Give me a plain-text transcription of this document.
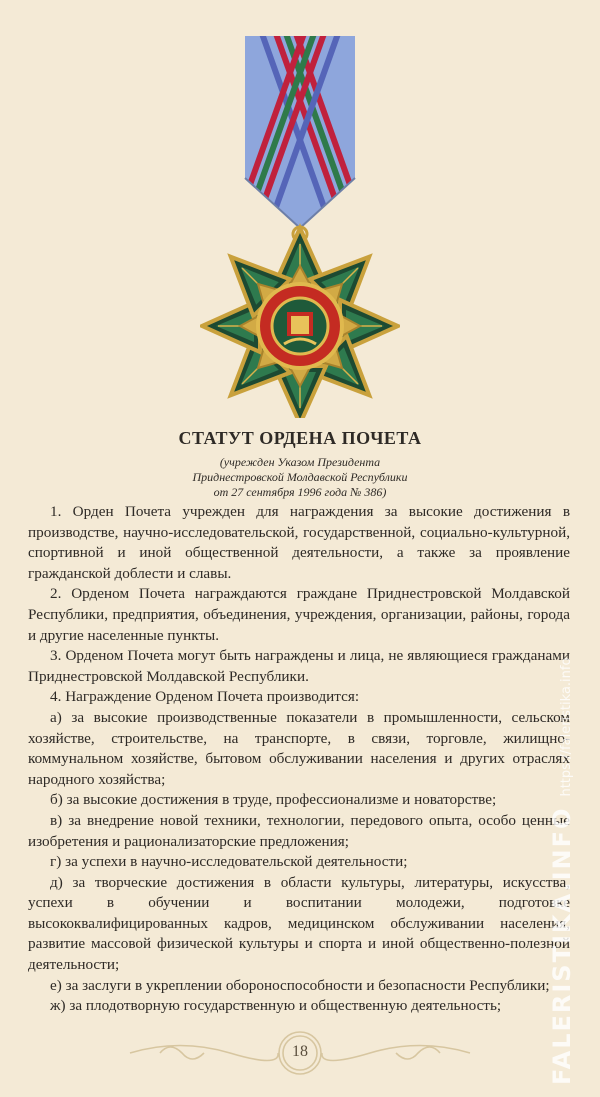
СТАТУТ ОРДЕНА ПОЧЕТА
(учрежден Указом Президента
Приднестровской Молдавской Республики
от 27 сентября 1996 года № 386)

1. Орден Почета учрежден для награждения за высокие достижения в производстве, научно-исследовательской, государственной, социально-культурной, спортивной и иной общественной деятельности, а также за проявление гражданской доблести и славы.

2. Орденом Почета награждаются граждане Приднестровской Молдавской Республики, предприятия, объединения, учреждения, организации, районы, города и другие населенные пункты.

3. Орденом Почета могут быть награждены и лица, не являющиеся гражданами Приднестровской Молдавской Республики.

4. Награждение Орденом Почета производится:

а) за высокие производственные показатели в промышленности, сельском хозяйстве, строительстве, на транспорте, в связи, торговле, жилищно-коммунальном хозяйстве, бытовом обслуживании населения и других отраслях народного хозяйства;

б) за высокие достижения в труде, профессионализме и новаторстве;

в) за внедрение новой техники, технологии, передового опыта, особо ценные изобретения и рационализаторские предложения;

г) за успехи в научно-исследовательской деятельности;

д) за творческие достижения в области культуры, литературы, искусства, успехи в обучении и воспитании молодежи, подготовке высококвалифицированных кадров, медицинском обслуживании населения, развитие массовой физической культуры и спорта и иной общественно-полезной деятельности;

е) за заслуги в укреплении обороноспособности и безопасности Республики;

ж) за плодотворную государственную и общественную деятельность;

18	FALERISTIKA.INFOhttps://faleristika.info
